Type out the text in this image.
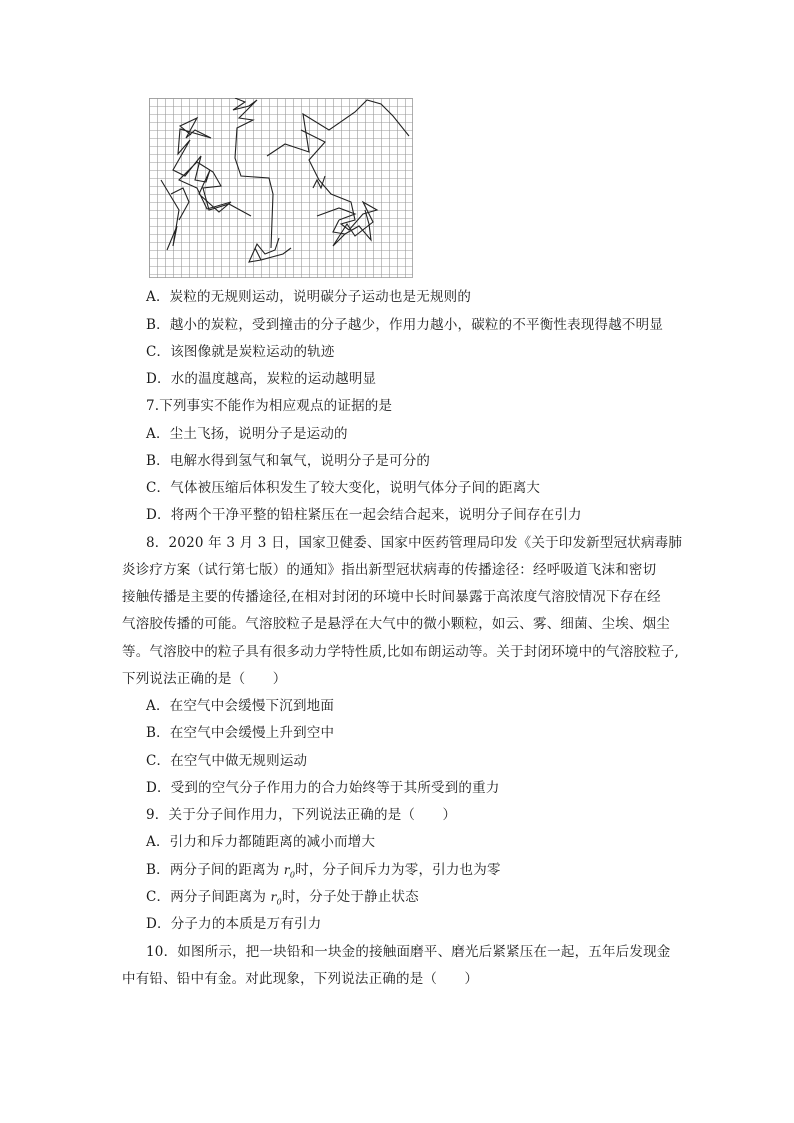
A．炭粒的无规则运动，说明碳分子运动也是无规则的
B．越小的炭粒，受到撞击的分子越少，作用力越小，碳粒的不平衡性表现得越不明显
C．该图像就是炭粒运动的轨迹
D．水的温度越高，炭粒的运动越明显
7.下列事实不能作为相应观点的证据的是
A．尘土飞扬，说明分子是运动的
B．电解水得到氢气和氧气，说明分子是可分的
C．气体被压缩后体积发生了较大变化，说明气体分子间的距离大
D．将两个干净平整的铅柱紧压在一起会结合起来，说明分子间存在引力
8．2020 年 3 月 3 日，国家卫健委、国家中医药管理局印发《关于印发新型冠状病毒肺
炎诊疗方案（试行第七版）的通知》指出新型冠状病毒的传播途径：经呼吸道飞沫和密切
接触传播是主要的传播途径,在相对封闭的环境中长时间暴露于高浓度气溶胶情况下存在经
气溶胶传播的可能。气溶胶粒子是悬浮在大气中的微小颗粒，如云、雾、细菌、尘埃、烟尘
等。气溶胶中的粒子具有很多动力学特性质,比如布朗运动等。关于封闭环境中的气溶胶粒子,
下列说法正确的是（　　）
A．在空气中会缓慢下沉到地面
B．在空气中会缓慢上升到空中
C．在空气中做无规则运动
D．受到的空气分子作用力的合力始终等于其所受到的重力
9．关于分子间作用力，下列说法正确的是（　　）
A．引力和斥力都随距离的减小而增大
B．两分子间的距离为 $r_0$时，分子间斥力为零，引力也为零
C．两分子间距离为 $r_0$时，分子处于静止状态
D．分子力的本质是万有引力
10．如图所示，把一块铅和一块金的接触面磨平、磨光后紧紧压在一起，五年后发现金
中有铅、铅中有金。对此现象，下列说法正确的是（　　）
